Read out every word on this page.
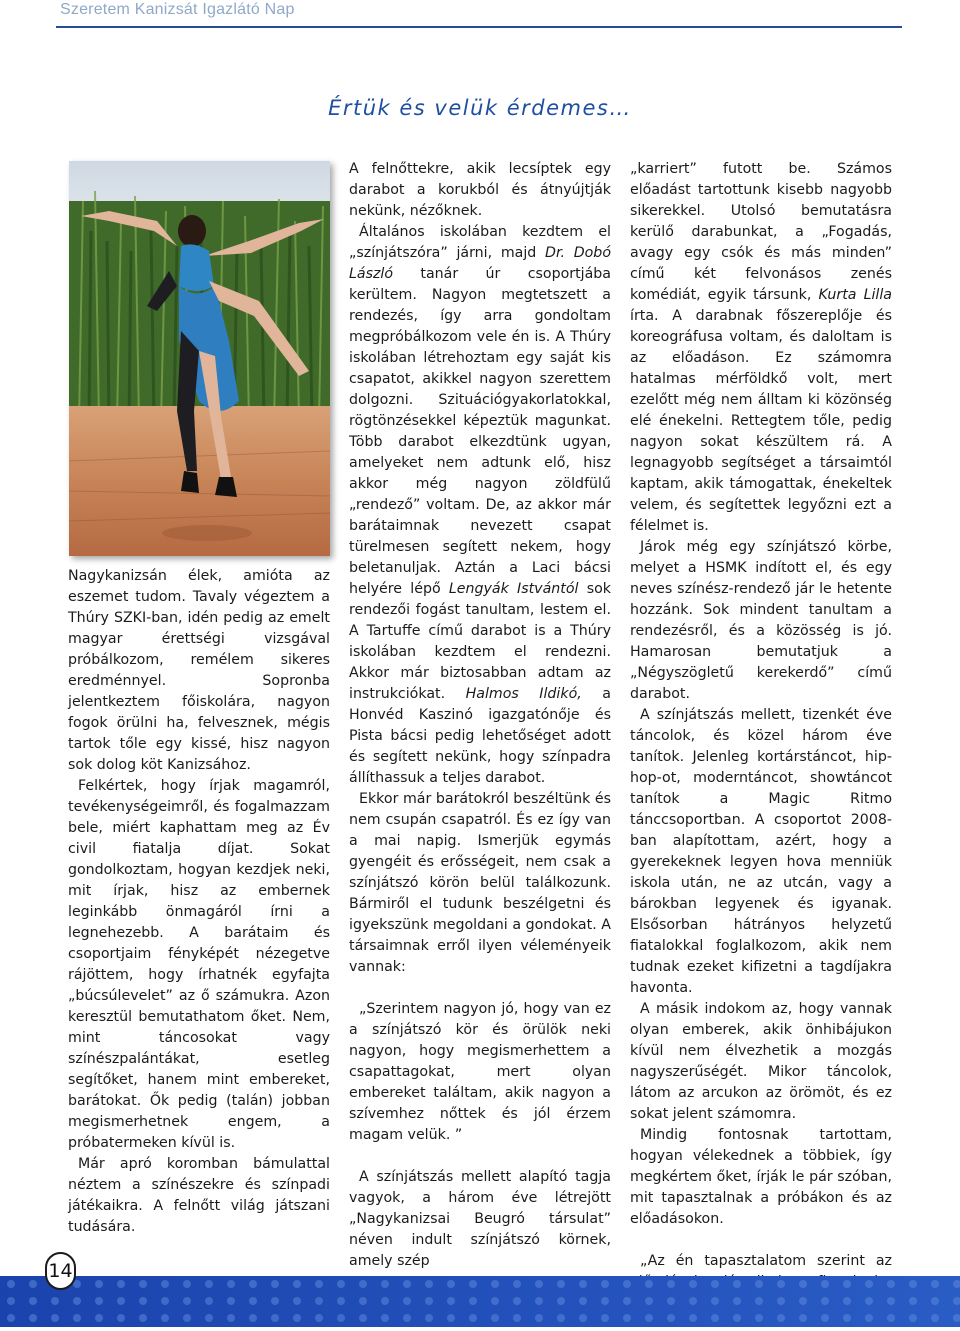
Szeretem Kanizsát Igazlátó Nap
Értük és velük érdemes…

Nagykanizsán élek, amióta az eszemet tudom. Tavaly végeztem a Thúry SZKI-ban, idén pedig az emelt magyar érettségi vizsgával próbálkozom, remélem sikeres eredménnyel. Sopronba jelentkeztem főiskolára, nagyon fogok örülni ha, felvesznek, mégis tartok tőle egy kissé, hisz nagyon sok dolog köt Kanizsához.

Felkértek, hogy írjak magamról, tevékenységeimről, és fogalmazzam bele, miért kaphattam meg az Év civil fiatalja díjat. Sokat gondolkoztam, hogyan kezdjek neki, mit írjak, hisz az embernek leginkább önmagáról írni a legnehezebb. A barátaim és csoportjaim fényképét nézegetve rájöttem, hogy írhatnék egyfajta „búcsúlevelet” az ő számukra. Azon keresztül bemutathatom őket. Nem, mint táncosokat vagy színészpalántákat, esetleg segítőket, hanem mint embereket, barátokat. Ők pedig (talán) jobban megismerhetnek engem, a próbatermeken kívül is.

Már apró koromban bámulattal néztem a színészekre és színpadi játékaikra. A felnőtt világ játszani tudására.

A felnőttekre, akik lecsíptek egy darabot a korukból és átnyújtják nekünk, nézőknek.

Általános iskolában kezdtem el „színjátszóra” járni, majd Dr. Dobó László tanár úr csoportjába kerültem. Nagyon megtetszett a rendezés, így arra gondoltam megpróbálkozom vele én is. A Thúry iskolában létrehoztam egy saját kis csapatot, akikkel nagyon szerettem dolgozni. Szituációgyakorlatokkal, rögtönzésekkel képeztük magunkat. Több darabot elkezdtünk ugyan, amelyeket nem adtunk elő, hisz akkor még nagyon zöldfülű „rendező” voltam. De, az akkor már barátaimnak nevezett csapat türelmesen segített nekem, hogy beletanuljak. Aztán a Laci bácsi helyére lépő Lengyák Istvántól sok rendezői fogást tanultam, lestem el. A Tartuffe című darabot is a Thúry iskolában kezdtem el rendezni. Akkor már biztosabban adtam az instrukciókat. Halmos Ildikó, a Honvéd Kaszinó igazgatónője és Pista bácsi pedig lehetőséget adott és segített nekünk, hogy színpadra állíthassuk a teljes darabot.

Ekkor már barátokról beszéltünk és nem csupán csapatról. És ez így van a mai napig. Ismerjük egymás gyengéit és erősségeit, nem csak a színjátszó körön belül találkozunk. Bármiről el tudunk beszélgetni és igyekszünk megoldani a gondokat. A társaimnak erről ilyen véleményeik vannak:

„Szerintem nagyon jó, hogy van ez a színjátszó kör és örülök neki nagyon, hogy megismerhettem a csapattagokat, mert olyan embereket találtam, akik nagyon a szívemhez nőttek és jól érzem magam velük. ”

A színjátszás mellett alapító tagja vagyok, a három éve létrejött „Nagykanizsai Beugró társulat” néven indult színjátszó körnek, amely szép

„karriert” futott be. Számos előadást tartottunk kisebb nagyobb sikerekkel. Utolsó bemutatásra kerülő darabunkat, a „Fogadás, avagy egy csók és más minden” című két felvonásos zenés komédiát, egyik társunk, Kurta Lilla írta. A darabnak főszereplője és koreográfusa voltam, és daloltam is az előadáson. Ez számomra hatalmas mérföldkő volt, mert ezelőtt még nem álltam ki közönség elé énekelni. Rettegtem tőle, pedig nagyon sokat készültem rá. A legnagyobb segítséget a társaimtól kaptam, akik támogattak, énekeltek velem, és segítettek legyőzni ezt a félelmet is.

Járok még egy színjátszó körbe, melyet a HSMK indított el, és egy neves színész-rendező jár le hetente hozzánk. Sok mindent tanultam a rendezésről, és a közösség is jó. Hamarosan bemutatjuk a „Négyszögletű kerekerdő” című darabot.

A színjátszás mellett, tizenkét éve táncolok, és közel három éve tanítok. Jelenleg kortárstáncot, hip-hop-ot, moderntáncot, showtáncot tanítok a Magic Ritmo tánccsoportban. A csoportot 2008-ban alapítottam, azért, hogy a gyerekeknek legyen hova menniük iskola után, ne az utcán, vagy a bárokban legyenek és igyanak. Elsősorban hátrányos helyzetű fiatalokkal foglalkozom, akik nem tudnak ezeket kifizetni a tagdíjakra havonta.

A másik indokom az, hogy vannak olyan emberek, akik önhibájukon kívül nem élvezhetik a mozgás nagyszerűségét. Mikor táncolok, látom az arcukon az örömöt, és ez sokat jelent számomra.

Mindig fontosnak tartottam, hogyan vélekednek a többiek, így megkértem őket, írják le pár szóban, mit tapasztalnak a próbákon és az előadásokon.

„Az én tapasztalatom szerint az

14
